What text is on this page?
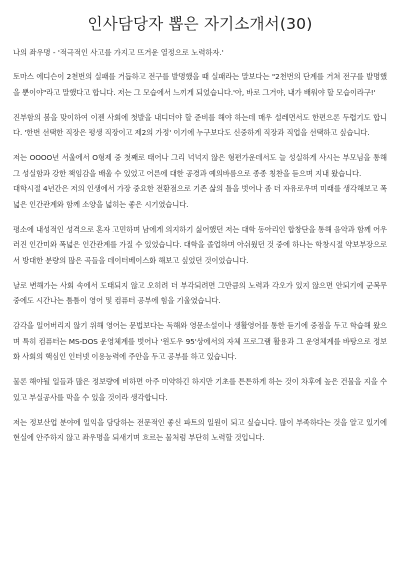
인사담당자 뽑은 자기소개서(30)

나의 좌우명 - '적극적인 사고를 가지고 뜨거운 열정으로 노력하자.'

토마스 에디슨이 2천번의 실패를 거듭하고 전구를 발명했을 때 실패라는 말보다는 "2천번의 단계를 거쳐 전구를 발명했을 뿐이야"라고 말했다고 합니다. 저는 그 모습에서 느끼게 되었습니다.'아, 바로 그거야, 내가 배워야 할 모습이라구!'

진부함의 봄을 맞이하여 이젠 사회에 첫발을 내디더야 할 준비를 해야 하는데 매우 설레면서도 한편으론 두렵기도 합니다. '한번 선택한 직장은 평생 직장이고 제2의 가정' 이기에 누구보다도 신중하게 직장과 직업을 선택하고 싶습니다.

저는 OOOO년 서울에서 O형제 중 첫째로 태어나 그리 넉넉지 않은 형편가운데서도 늘 성실하게 사시는 부모님을 통해 그 성실함과 강한 책임감을 배울 수 있었고 어른에 대한 공경과 예의바름으로 종종 칭찬을 듣으며 지내 왔습니다.
대학시절 4년간은 저의 인생에서 가장 중요한 전환점으로 기존 삶의 틀을 벗어나 좀 더 자유로우며 미래를 생각해보고 폭넓은 인간관계와 함께 소양을 넓히는 좋은 시기였습니다.

평소에 내성적인 성격으로 혼자 고민하며 남에게 의지하기 싫어했던 저는 대학 동아리인 합창단을 통해 음악과 함께 어우러진 인간미와 폭넓은 인간관계를 가질 수 있었습니다. 대학을 졸업하며 아쉬웠던 것 중에 하나는 학창시절 약보부장으로서 방대한 분량의 많은 곡들을 데이터베이스화 해보고 싶었던 것이었습니다.

날로 변해가는 사회 속에서 도태되지 않고 오히려 더 부각되려면 그만큼의 노력과 각오가 있지 않으면 안되기에 군복무 중에도 시간나는 틈틈이 영어 및 컴퓨터 공부에 힘을 기울였습니다.

감각을 일어버리지 않기 위해 영어는 문법보다는 독해와 영문소설이나 생활영어를 통한 듣기에 중점을 두고 학습해 왔으며 특히 컴퓨터는 MS-DOS 운영체계를 벗어나 '윈도우 95'상에서의 자체 프로그램 활용과 그 운영체계를 바탕으로 정보화 사회의 핵심인 인터넷 이용능력에 주안을 두고 공부를 하고 있습니다.

물론 해야될 일들과 많은 정보량에 비하면 아주 미약하긴 하지만 기초를 튼튼하게 하는 것이 차후에 높은 건물을 지을 수 있고 부실공사를 막을 수 있을 것이라 생각합니다.

저는 정보산업 분야에 일익을 담당하는 전문적인 좋신 파트의 일원이 되고 싶습니다. 많이 부족하다는 것을 알고 있기에 현실에 안주하지 않고 좌우명을 되새기며 흐르는 물처럼 부단히 노력할 것입니다.
